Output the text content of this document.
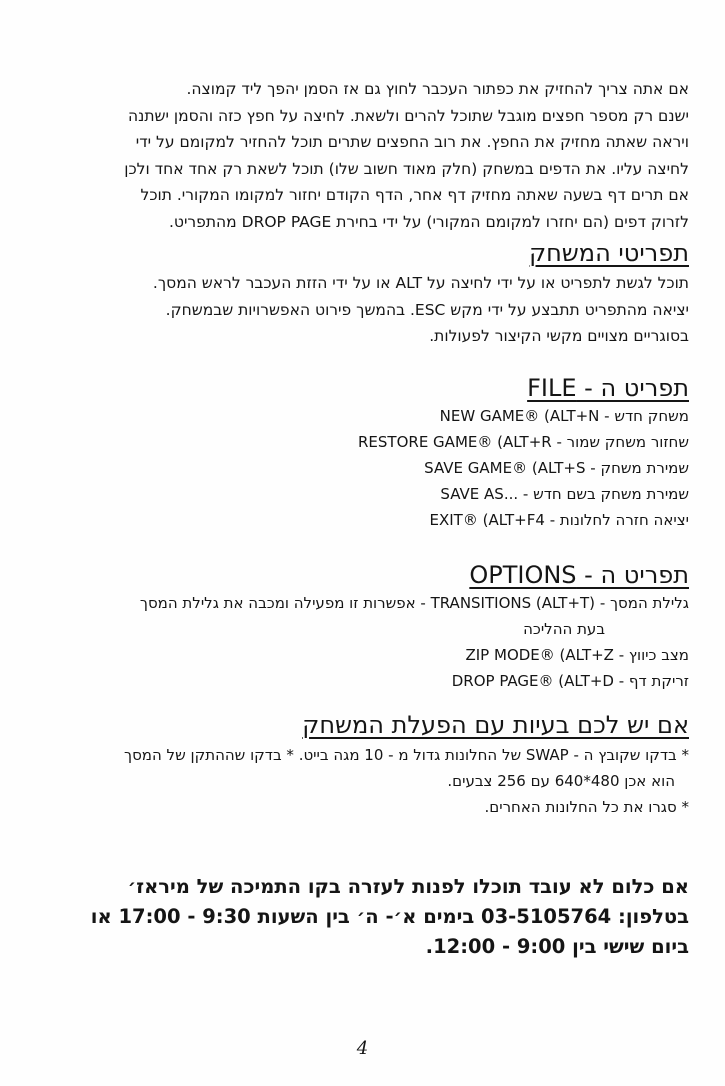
אם אתה צריך להחזיק את כפתור העכבר לחוץ גם אז הסמן יהפך ליד קמוצה.

ישנם רק מספר חפצים מוגבל שתוכל להרים ולשאת. לחיצה על חפץ כזה והסמן ישתנה

ויראה שאתה מחזיק את החפץ. את רוב החפצים שתרים תוכל להחזיר למקומם על ידי

לחיצה עליו. את הדפים במשחק (חלק מאוד חשוב שלו) תוכל לשאת רק אחד אחד ולכן

אם תרים דף בשעה שאתה מחזיק דף אחר, הדף הקודם יחזור למקומו המקורי. תוכל

לזרוק דפים (הם יחזרו למקומם המקורי) על ידי בחירת DROP PAGE מהתפריט.

תפריטי המשחק

תוכל לגשת לתפריט או על ידי לחיצה על ALT או על ידי הזזת העכבר לראש המסך.

יציאה מהתפריט תתבצע על ידי מקש ESC. בהמשך פירוט האפשרויות שבמשחק.

בסוגריים מצויים מקשי הקיצור לפעולות.

תפריט ה - FILE

משחק חדש - NEW GAME® (ALT+N

שחזור משחק שמור - RESTORE GAME® (ALT+R

שמירת משחק - SAVE GAME® (ALT+S

שמירת משחק בשם חדש - ...SAVE AS

יציאה חזרה לחלונות - EXIT® (ALT+F4

תפריט ה - OPTIONS

גלילת המסך - TRANSITIONS (ALT+T) - אפשרות זו מפעילה ומכבה את גלילת המסך

בעת ההליכה

מצב כיווץ - ZIP MODE® (ALT+Z

זריקת דף - DROP PAGE® (ALT+D

אם יש לכם בעיות עם הפעלת המשחק

* בדקו שקובץ ה - SWAP של החלונות גדול מ - 10 מגה בייט. * בדקו שההתקן של המסך

הוא אכן 480*640 עם 256 צבעים.

* סגרו את כל החלונות האחרים.

אם כלום לא עובד תוכלו לפנות לעזרה בקו התמיכה של מיראז׳

בטלפון: 03-5105764 בימים א׳- ה׳ בין השעות 9:30 - 17:00 או

ביום שישי בין 9:00 - 12:00.

4
